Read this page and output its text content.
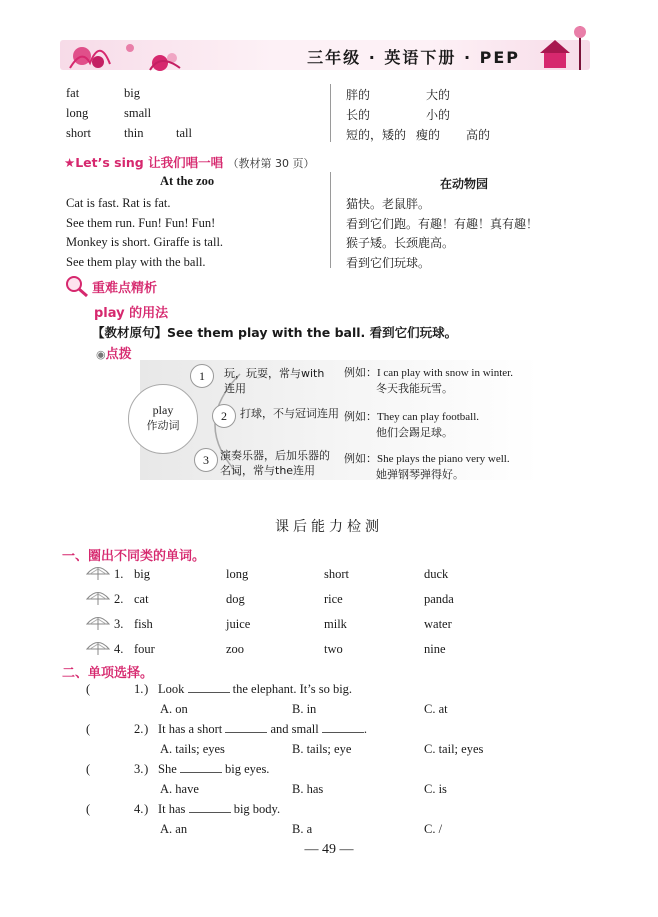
三年级 · 英语下册 · PEP
fat	big
long	small
short	thin	tall
胖的	大的
长的	小的
短的，矮的 瘦的 高的
★Let’s sing 让我们唱一唱 （教材第 30 页）
At the zoo	在动物园
Cat is fast. Rat is fat.
See them run. Fun! Fun! Fun!
Monkey is short. Giraffe is tall.
See them play with the ball.
猫快。老鼠胖。
看到它们跑。有趣！有趣！真有趣！
猴子矮。长颈鹿高。
看到它们玩球。
重难点精析
play 的用法
【教材原句】See them play with the ball. 看到它们玩球。
◉点拨
play
作动词
1	玩，玩耍，常与with连用
例如：I can play with snow in winter.
冬天我能玩雪。
2	打球，不与冠词连用 例如：They can play football.
他们会踢足球。
3	演奏乐器，后加乐器的名词，常与the连用
例如：She plays the piano very well.
她弹钢琴弹得好。
课后能力检测
一、圈出不同类的单词。
1. big	long	short	duck
2. cat	dog	rice	panda
3. fish	juice	milk	water
4. four	zoo	two	nine
二、单项选择。
(	)
1. Look	the elephant. It’s so big.
A. on	B. in	C. at
(	)
2. It has a short	and small	.
A. tails; eyes	B. tails; eye	C. tail; eyes
(	)
3. She	big eyes.
A. have	B. has	C. is
(	)
4. It has	big body.
A. an	B. a	C. /
— 49 —
